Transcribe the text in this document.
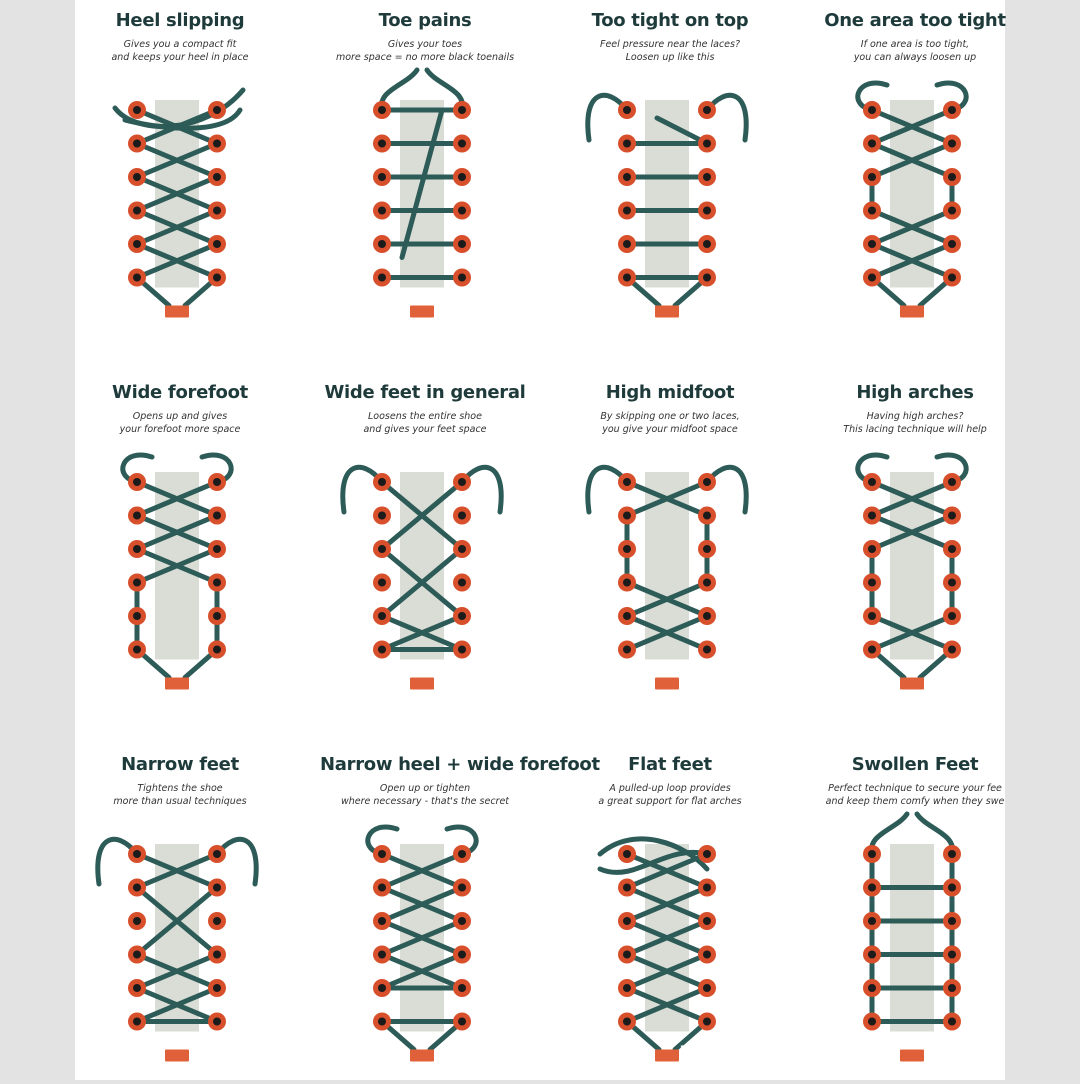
Heel slipping
Gives you a compact fit
and keeps your heel in place
Toe pains
Gives your toes
more space = no more black toenails
Too tight on top
Feel pressure near the laces?
Loosen up like this
One area too tight
If one area is too tight,
you can always loosen up
Wide forefoot
Opens up and gives
your forefoot more space
Wide feet in general
Loosens the entire shoe
and gives your feet space
High midfoot
By skipping one or two laces,
you give your midfoot space
High arches
Having high arches?
This lacing technique will help
Narrow feet
Tightens the shoe
more than usual techniques
Narrow heel + wide forefoot
Open up or tighten
where necessary - that's the secret
Flat feet
A pulled-up loop provides
a great support for flat arches
Swollen Feet
Perfect technique to secure your fee
and keep them comfy when they swe
r . ho om
